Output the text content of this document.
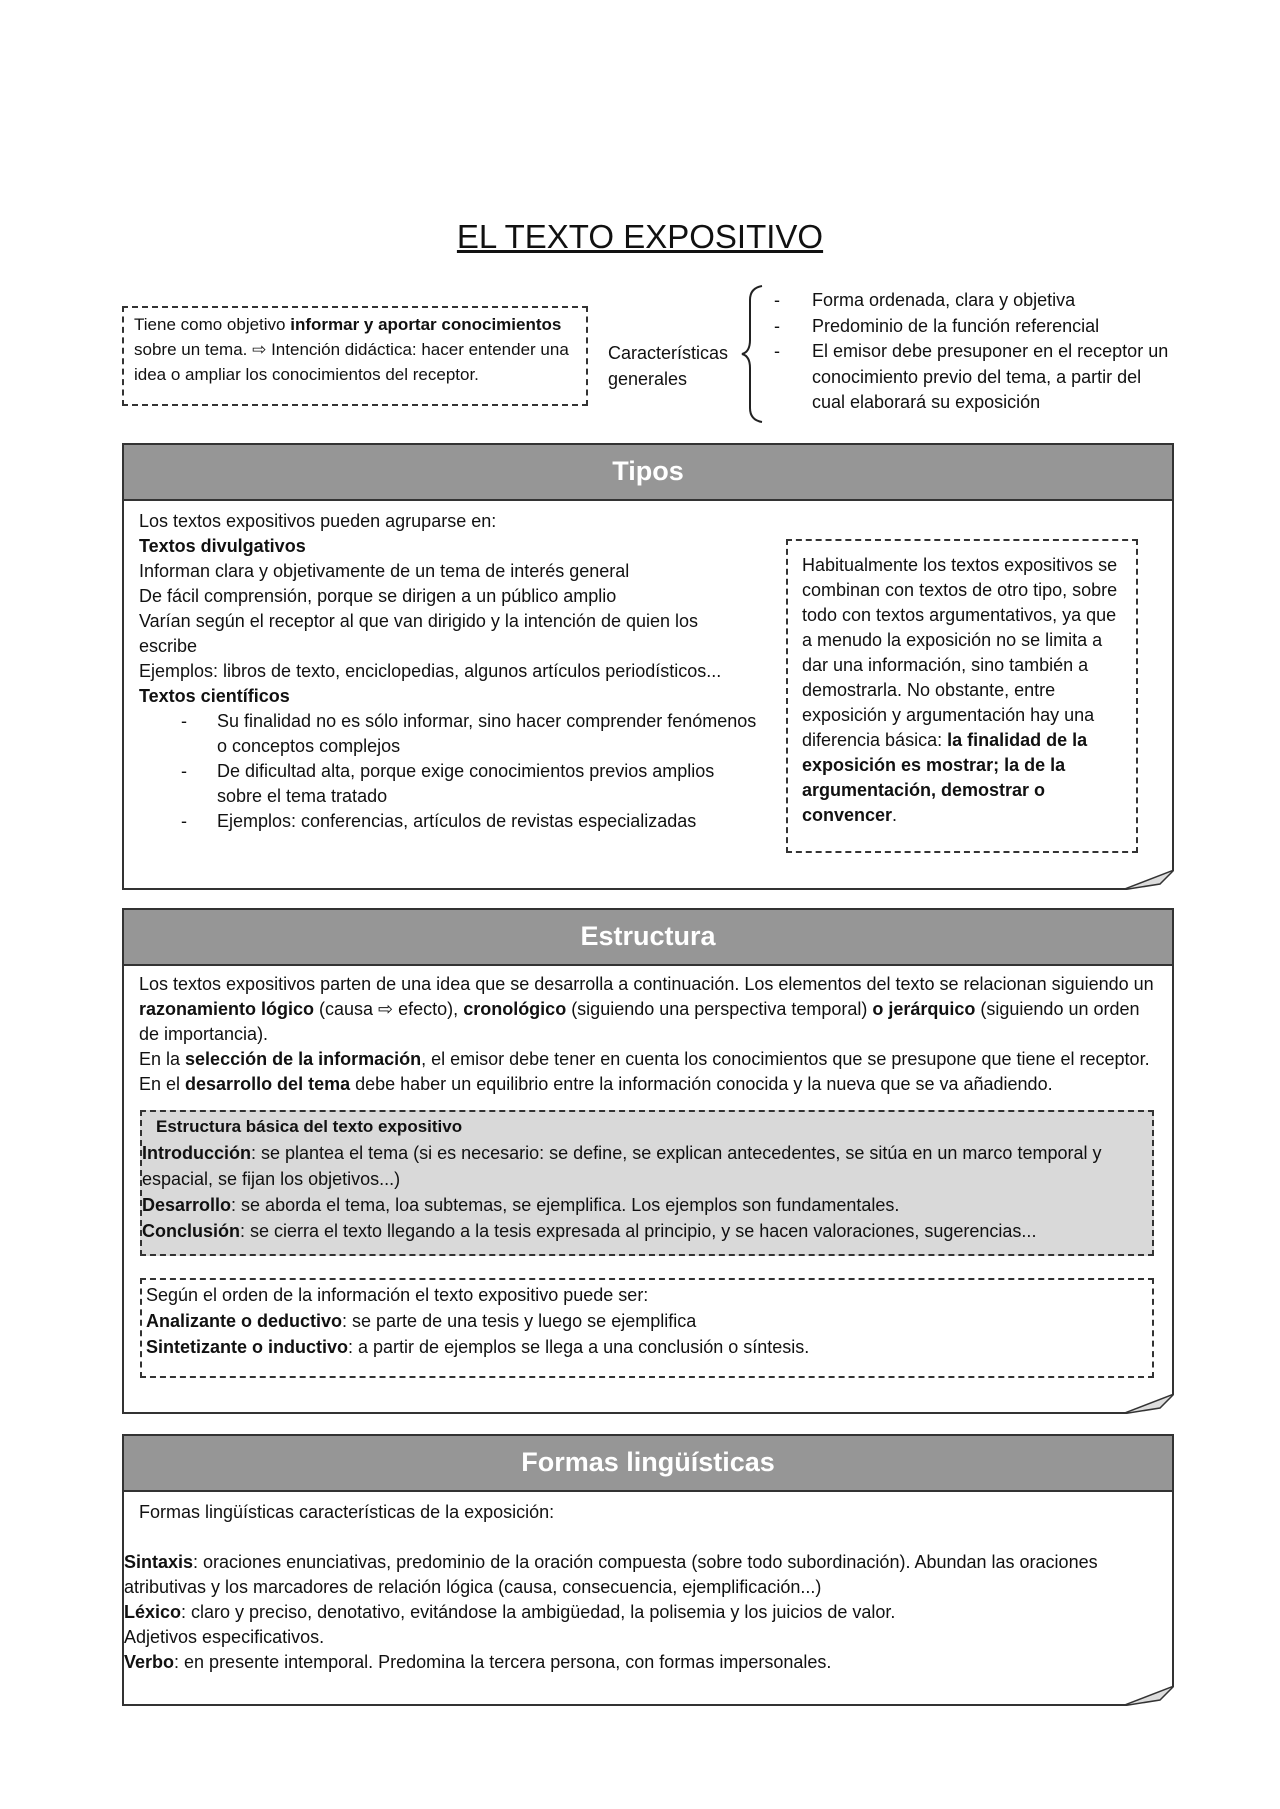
EL TEXTO EXPOSITIVO
Tiene como objetivo informar y aportar conocimientos sobre un tema. ⇨ Intención didáctica: hacer entender una idea o ampliar los conocimientos del receptor.
Características
generales
- Forma ordenada, clara y objetiva
- Predominio de la función referencial
- El emisor debe presuponer en el receptor un conocimiento previo del tema, a partir del cual elaborará su exposición
Tipos
Los textos expositivos pueden agruparse en:
Textos divulgativos
Informan clara y objetivamente de un tema de interés general
De fácil comprensión, porque se dirigen a un público amplio
Varían según el receptor al que van dirigido y la intención de quien los escribe
Ejemplos: libros de texto, enciclopedias, algunos artículos periodísticos...
Textos científicos
- Su finalidad no es sólo informar, sino hacer comprender fenómenos o conceptos complejos
- De dificultad alta, porque exige conocimientos previos amplios sobre el tema tratado
- Ejemplos: conferencias, artículos de revistas especializadas
Habitualmente los textos expositivos se combinan con textos de otro tipo, sobre todo con textos argumentativos, ya que a menudo la exposición no se limita a dar una información, sino también a demostrarla. No obstante, entre exposición y argumentación hay una diferencia básica: la finalidad de la exposición es mostrar; la de la argumentación, demostrar o convencer.
Estructura
Los textos expositivos parten de una idea que se desarrolla a continuación. Los elementos del texto se relacionan siguiendo un razonamiento lógico (causa ⇨ efecto), cronológico (siguiendo una perspectiva temporal) o jerárquico (siguiendo un orden de importancia).
En la selección de la información, el emisor debe tener en cuenta los conocimientos que se presupone que tiene el receptor.
En el desarrollo del tema debe haber un equilibrio entre la información conocida y la nueva que se va añadiendo.
Estructura básica del texto expositivo
Introducción: se plantea el tema (si es necesario: se define, se explican antecedentes, se sitúa en un marco temporal y espacial, se fijan los objetivos...)
Desarrollo: se aborda el tema, loa subtemas, se ejemplifica. Los ejemplos son fundamentales.
Conclusión: se cierra el texto llegando a la tesis expresada al principio, y se hacen valoraciones, sugerencias...
Según el orden de la información el texto expositivo puede ser:
Analizante o deductivo: se parte de una tesis y luego se ejemplifica
Sintetizante o inductivo: a partir de ejemplos se llega a una conclusión o síntesis.
Formas lingüísticas
Formas lingüísticas características de la exposición:
Sintaxis: oraciones enunciativas, predominio de la oración compuesta (sobre todo subordinación). Abundan las oraciones atributivas y los marcadores de relación lógica (causa, consecuencia, ejemplificación...)
Léxico: claro y preciso, denotativo, evitándose la ambigüedad, la polisemia y los juicios de valor. Adjetivos especificativos.
Verbo: en presente intemporal. Predomina la tercera persona, con formas impersonales.
